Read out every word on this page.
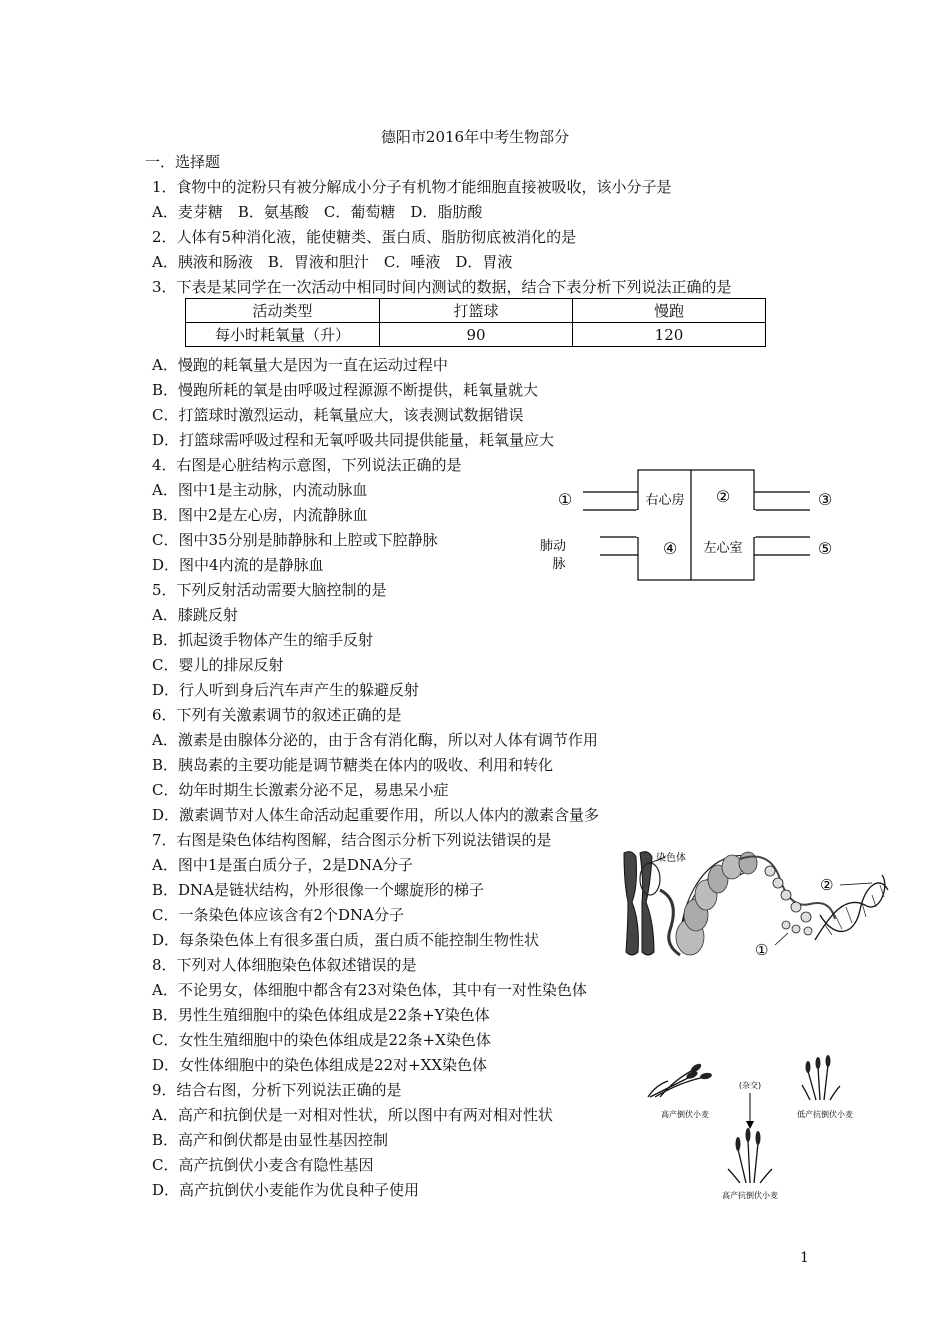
德阳市2016年中考生物部分
一．选择题
1．食物中的淀粉只有被分解成小分子有机物才能细胞直接被吸收，该小分子是
A．麦芽糖　B．氨基酸　C．葡萄糖　D．脂肪酸
2．人体有5种消化液，能使糖类、蛋白质、脂肪彻底被消化的是
A．胰液和肠液　B．胃液和胆汁　C．唾液　D．胃液
3．下表是某同学在一次活动中相同时间内测试的数据，结合下表分析下列说法正确的是
活动类型	打篮球	慢跑
每小时耗氧量（升）	90	120
A．慢跑的耗氧量大是因为一直在运动过程中
B．慢跑所耗的氧是由呼吸过程源源不断提供，耗氧量就大
C．打篮球时激烈运动，耗氧量应大，该表测试数据错误
D．打篮球需呼吸过程和无氧呼吸共同提供能量，耗氧量应大
4．右图是心脏结构示意图，下列说法正确的是
A．图中1是主动脉，内流动脉血
B．图中2是左心房，内流静脉血
C．图中35分别是肺静脉和上腔或下腔静脉
D．图中4内流的是静脉血
5．下列反射活动需要大脑控制的是
A．膝跳反射
B．抓起烫手物体产生的缩手反射
C．婴儿的排尿反射
D．行人听到身后汽车声产生的躲避反射
6．下列有关激素调节的叙述正确的是
A．激素是由腺体分泌的，由于含有消化酶，所以对人体有调节作用
B．胰岛素的主要功能是调节糖类在体内的吸收、利用和转化
C．幼年时期生长激素分泌不足，易患呆小症
D．激素调节对人体生命活动起重要作用，所以人体内的激素含量多
7．右图是染色体结构图解，结合图示分析下列说法错误的是
A．图中1是蛋白质分子，2是DNA分子
B．DNA是链状结构，外形很像一个螺旋形的梯子
C．一条染色体应该含有2个DNA分子
D．每条染色体上有很多蛋白质，蛋白质不能控制生物性状
8．下列对人体细胞染色体叙述错误的是
A．不论男女，体细胞中都含有23对染色体，其中有一对性染色体
B．男性生殖细胞中的染色体组成是22条+Y染色体
C．女性生殖细胞中的染色体组成是22条+X染色体
D．女性体细胞中的染色体组成是22对+XX染色体
9．结合右图，分析下列说法正确的是
A．高产和抗倒伏是一对相对性状，所以图中有两对相对性状
B．高产和倒伏都是由显性基因控制
C．高产抗倒伏小麦含有隐性基因
D．高产抗倒伏小麦能作为优良种子使用
①	②	③
④	⑤
右心房
左心室
肺动
脉
染色体
②
①
高产倒伏小麦	低产抗倒伏小麦
(杂交)
高产抗倒伏小麦
1
